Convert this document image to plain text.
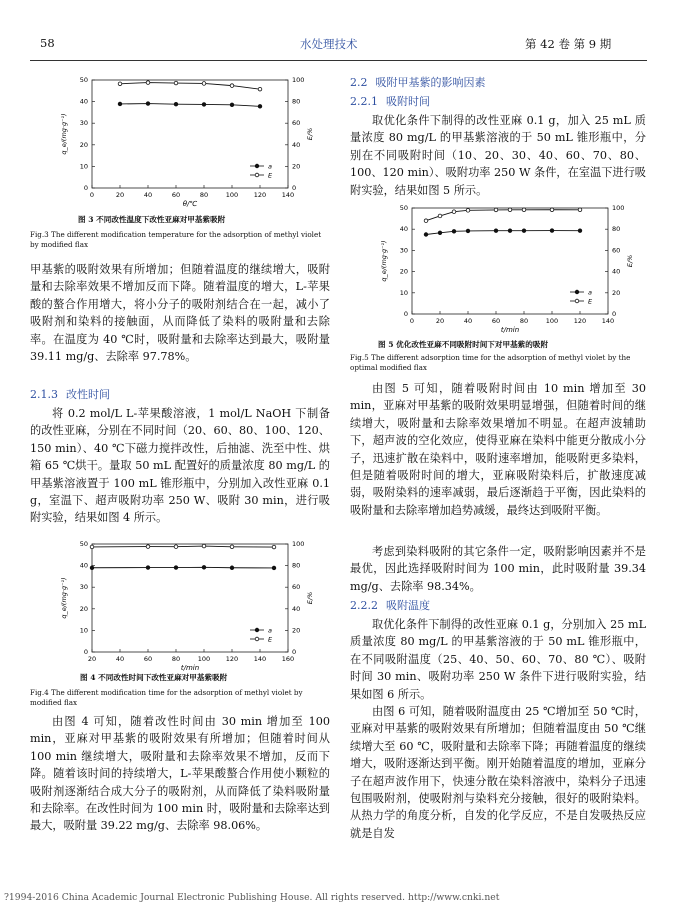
58	水处理技术	第 42 卷 第 9 期
0	20	40	60	80	100 120 140
0
10
20
30
40
50
0
20
40
60
80
100
θ/℃
q_e/(mg·g⁻¹)	E/%
a
E
图 3 不同改性温度下改性亚麻对甲基紫吸附
Fig.3 The different modification temperature for the adsorption of methyl violet by modified flax
甲基紫的吸附效果有所增加；但随着温度的继续增大，吸附量和去除率效果不增加反而下降。随着温度的增大，L-苹果酸的螯合作用增大，将小分子的吸附剂结合在一起，减小了吸附剂和染料的接触面，从而降低了染料的吸附量和去除率。在温度为 40 ℃时，吸附量和去除率达到最大，吸附量 39.11 mg/g、去除率 97.78%。
2.1.3 改性时间
将 0.2 mol/L L-苹果酸溶液，1 mol/L NaOH 下制备的改性亚麻，分别在不同时间（20、60、80、100、120、150 min）、40 ℃下磁力搅拌改性，后抽滤、洗至中性、烘箱 65 ℃烘干。量取 50 mL 配置好的质量浓度 80 mg/L 的甲基紫溶液置于 100 mL 锥形瓶中，分别加入改性亚麻 0.1 g，室温下、超声吸附功率 250 W、吸附 30 min，进行吸附实验，结果如图 4 所示。
20	40	60	80	100 120 140 160
0
10
20
30
40
50
0
20
40
60
80
100
t/min
q_e/(mg·g⁻¹)	E/%
a
E
图 4 不同改性时间下改性亚麻对甲基紫吸附
Fig.4 The different modification time for the adsorption of methyl violet by modified flax
由图 4 可知，随着改性时间由 30 min 增加至 100 min，亚麻对甲基紫的吸附效果有所增加；但随着时间从 100 min 继续增大，吸附量和去除率效果不增加，反而下降。随着该时间的持续增大，L-苹果酸螯合作用使小颗粒的吸附剂逐渐结合成大分子的吸附剂，从而降低了染料吸附量和去除率。在改性时间为 100 min 时，吸附量和去除率达到最大，吸附量 39.22 mg/g、去除率 98.06%。
2.2 吸附甲基紫的影响因素
2.2.1 吸附时间
取优化条件下制得的改性亚麻 0.1 g，加入 25 mL 质量浓度 80 mg/L 的甲基紫溶液的于 50 mL 锥形瓶中，分别在不同吸附时间（10、20、30、40、60、70、80、100、120 min）、吸附功率 250 W 条件，在室温下进行吸附实验，结果如图 5 所示。
0	20	40	60	80	100 120 140
0
10
20
30
40
50
0
20
40
60
80
100
t/min
q_e/(mg·g⁻¹)	E/%
a
E
图 5 优化改性亚麻不同吸附时间下对甲基紫的吸附
Fig.5 The different adsorption time for the adsorption of methyl violet by the optimal modified flax
由图 5 可知，随着吸附时间由 10 min 增加至 30 min，亚麻对甲基紫的吸附效果明显增强，但随着时间的继续增大，吸附量和去除率效果增加不明显。在超声波辅助下，超声波的空化效应，使得亚麻在染料中能更分散成小分子，迅速扩散在染料中，吸附速率增加，能吸附更多染料，但是随着吸附时间的增大，亚麻吸附染料后，扩散速度减弱，吸附染料的速率减弱，最后逐渐趋于平衡，因此染料的吸附量和去除率增加趋势减缓，最终达到吸附平衡。
考虑到染料吸附的其它条件一定，吸附影响因素并不是最优，因此选择吸附时间为 100 min，此时吸附量 39.34 mg/g、去除率 98.34%。
2.2.2 吸附温度
取优化条件下制得的改性亚麻 0.1 g，分别加入 25 mL 质量浓度 80 mg/L 的甲基紫溶液的于 50 mL 锥形瓶中，在不同吸附温度（25、40、50、60、70、80 ℃）、吸附时间 30 min、吸附功率 250 W 条件下进行吸附实验，结果如图 6 所示。
由图 6 可知，随着吸附温度由 25 ℃增加至 50 ℃时，亚麻对甲基紫的吸附效果有所增加；但随着温度由 50 ℃继续增大至 60 ℃，吸附量和去除率下降；再随着温度的继续增大，吸附逐渐达到平衡。刚开始随着温度的增加，亚麻分子在超声波作用下，快速分散在染料溶液中，染料分子迅速包围吸附剂，使吸附剂与染料充分接触，很好的吸附染料。从热力学的角度分析，自发的化学反应，不是自发吸热反应就是自发
?1994-2016 China Academic Journal Electronic Publishing House. All rights reserved. http://www.cnki.net
